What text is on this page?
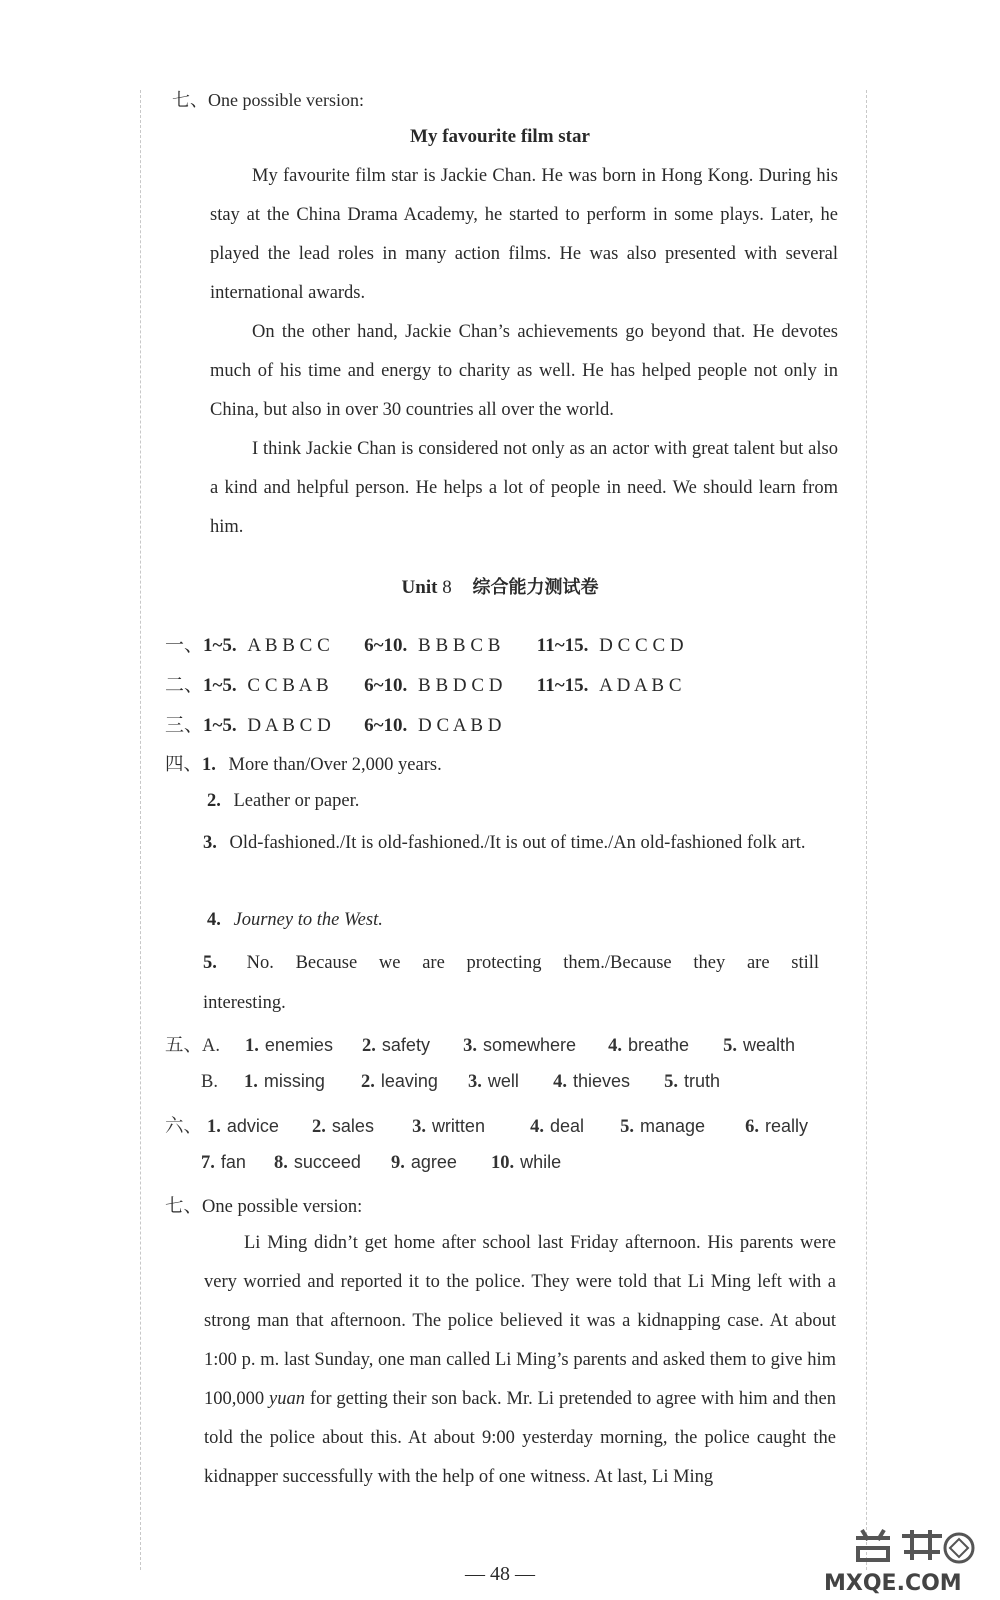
七、One possible version:
My favourite film star

My favourite film star is Jackie Chan. He was born in Hong Kong. During his stay at the China Drama Academy, he started to perform in some plays. Later, he played the lead roles in many action films. He was also presented with several international awards.

On the other hand, Jackie Chan’s achievements go beyond that. He devotes much of his time and energy to charity as well. He has helped people not only in China, but also in over 30 countries all over the world.

I think Jackie Chan is considered not only as an actor with great talent but also a kind and helpful person. He helps a lot of people in need. We should learn from him.

Unit 8 综合能力测试卷
一、1~5. A B B C C 6~10. B B B C B 11~15. D C C C D
二、1~5. C C B A B 6~10. B B D C D 11~15. A D A B C
三、1~5. D A B C D 6~10. D C A B D
四、1. More than/Over 2,000 years.
2. Leather or paper.
3. Old-fashioned./It is old-fashioned./It is out of time./An old-fashioned folk art.
4. Journey to the West.
5. No. Because we are protecting them./Because they are still interesting.
五、A. 1. enemies 2. safety 3. somewhere 4. breathe 5. wealth
B. 1. missing 2. leaving 3. well 4. thieves 5. truth
六、 1. advice 2. sales 3. written 4. deal 5. manage 6. really
7. fan 8. succeed 9. agree 10. while
七、One possible version:

Li Ming didn’t get home after school last Friday afternoon. His parents were very worried and reported it to the police. They were told that Li Ming left with a strong man that afternoon. The police believed it was a kidnapping case. At about 1:00 p. m. last Sunday, one man called Li Ming’s parents and asked them to give him 100,000 yuan for getting their son back. Mr. Li pretended to agree with him and then told the police about this. At about 9:00 yesterday morning, the police caught the kidnapper successfully with the help of one witness. At last, Li Ming

— 48 —	MXQE.COM
